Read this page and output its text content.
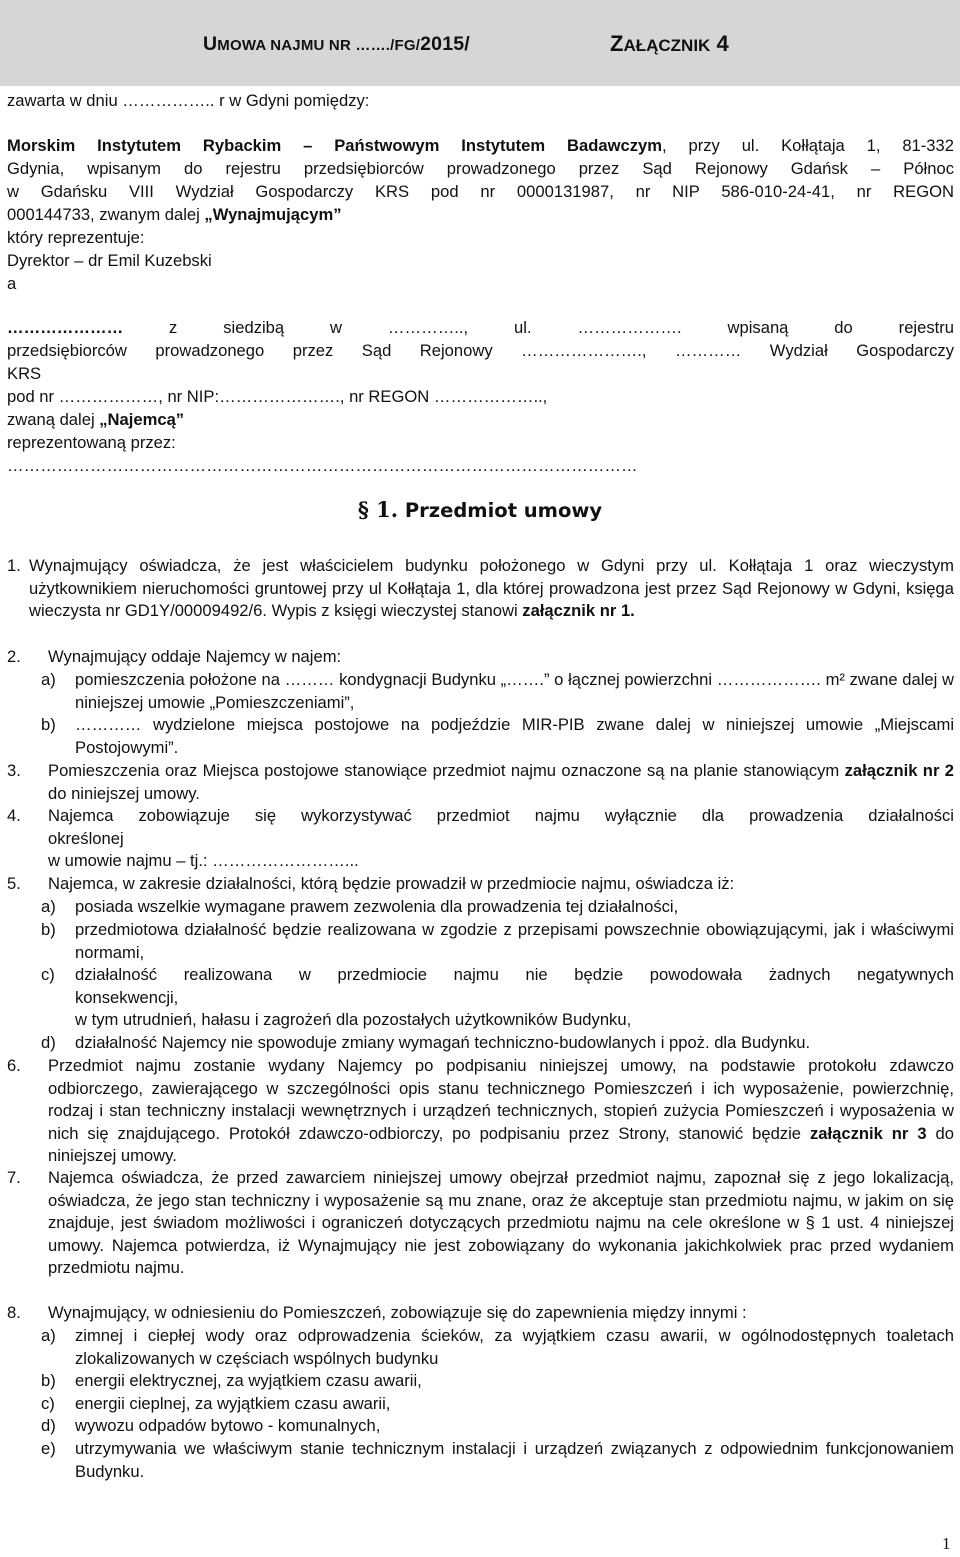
UMOWA NAJMU NR ……./FG/2015/	ZAŁĄCZNIK 4
zawarta w dniu …………….. r w Gdyni pomiędzy:
Morskim Instytutem Rybackim – Państwowym Instytutem Badawczym, przy ul. Kołłątaja 1, 81-332
Gdynia, wpisanym do rejestru przedsiębiorców prowadzonego przez Sąd Rejonowy Gdańsk – Północ
w Gdańsku VIII Wydział Gospodarczy KRS pod nr 0000131987, nr NIP 586-010-24-41, nr REGON
000144733, zwanym dalej „Wynajmującym”
który reprezentuje:
Dyrektor – dr Emil Kuzebski
a
………………… z siedzibą w ………….., ul. ………………. wpisaną do rejestru
przedsiębiorców prowadzonego przez Sąd Rejonowy …………………., ………… Wydział Gospodarczy
KRS
pod nr ………………, nr NIP:…………………., nr REGON ………………..,
zwaną dalej „Najemcą”
reprezentowaną przez:
……………………………………………………………………………………………………
§ 1. Przedmiot umowy
1. Wynajmujący oświadcza, że jest właścicielem budynku położonego w Gdyni przy ul. Kołłątaja 1 oraz wieczystym użytkownikiem nieruchomości gruntowej przy ul Kołłątaja 1, dla której prowadzona jest przez Sąd Rejonowy w Gdyni, księga wieczysta nr GD1Y/00009492/6. Wypis z księgi wieczystej stanowi załącznik nr 1.
2.	Wynajmujący oddaje Najemcy w najem:
a) pomieszczenia położone na ……… kondygnacji Budynku „…….” o łącznej powierzchni ………………. m² zwane dalej w niniejszej umowie „Pomieszczeniami”,
b) ………… wydzielone miejsca postojowe na podjeździe MIR-PIB zwane dalej w niniejszej umowie „Miejscami Postojowymi”.
3.	Pomieszczenia oraz Miejsca postojowe stanowiące przedmiot najmu oznaczone są na planie stanowiącym załącznik nr 2 do niniejszej umowy.
4.	Najemca zobowiązuje się wykorzystywać przedmiot najmu wyłącznie dla prowadzenia działalności
określonej
w umowie najmu – tj.: ……………………...
5.	Najemca, w zakresie działalności, którą będzie prowadził w przedmiocie najmu, oświadcza iż:
a) posiada wszelkie wymagane prawem zezwolenia dla prowadzenia tej działalności,
b) przedmiotowa działalność będzie realizowana w zgodzie z przepisami powszechnie obowiązującymi, jak i właściwymi normami,
c) działalność realizowana w przedmiocie najmu nie będzie powodowała żadnych negatywnych
konsekwencji,
w tym utrudnień, hałasu i zagrożeń dla pozostałych użytkowników Budynku,
d) działalność Najemcy nie spowoduje zmiany wymagań techniczno-budowlanych i ppoż. dla Budynku.
6.	Przedmiot najmu zostanie wydany Najemcy po podpisaniu niniejszej umowy, na podstawie protokołu zdawczo odbiorczego, zawierającego w szczególności opis stanu technicznego Pomieszczeń i ich wyposażenie, powierzchnię, rodzaj i stan techniczny instalacji wewnętrznych i urządzeń technicznych, stopień zużycia Pomieszczeń i wyposażenia w nich się znajdującego. Protokół zdawczo-odbiorczy, po podpisaniu przez Strony, stanowić będzie załącznik nr 3 do niniejszej umowy.
7.	Najemca oświadcza, że przed zawarciem niniejszej umowy obejrzał przedmiot najmu, zapoznał się z jego lokalizacją, oświadcza, że jego stan techniczny i wyposażenie są mu znane, oraz że akceptuje stan przedmiotu najmu, w jakim on się znajduje, jest świadom możliwości i ograniczeń dotyczących przedmiotu najmu na cele określone w § 1 ust. 4 niniejszej umowy. Najemca potwierdza, iż Wynajmujący nie jest zobowiązany do wykonania jakichkolwiek prac przed wydaniem przedmiotu najmu.
8.	Wynajmujący, w odniesieniu do Pomieszczeń, zobowiązuje się do zapewnienia między innymi :
a) zimnej i ciepłej wody oraz odprowadzenia ścieków, za wyjątkiem czasu awarii, w ogólnodostępnych toaletach zlokalizowanych w częściach wspólnych budynku
b) energii elektrycznej, za wyjątkiem czasu awarii,
c) energii cieplnej, za wyjątkiem czasu awarii,
d) wywozu odpadów bytowo - komunalnych,
e) utrzymywania we właściwym stanie technicznym instalacji i urządzeń związanych z odpowiednim funkcjonowaniem Budynku.
1
